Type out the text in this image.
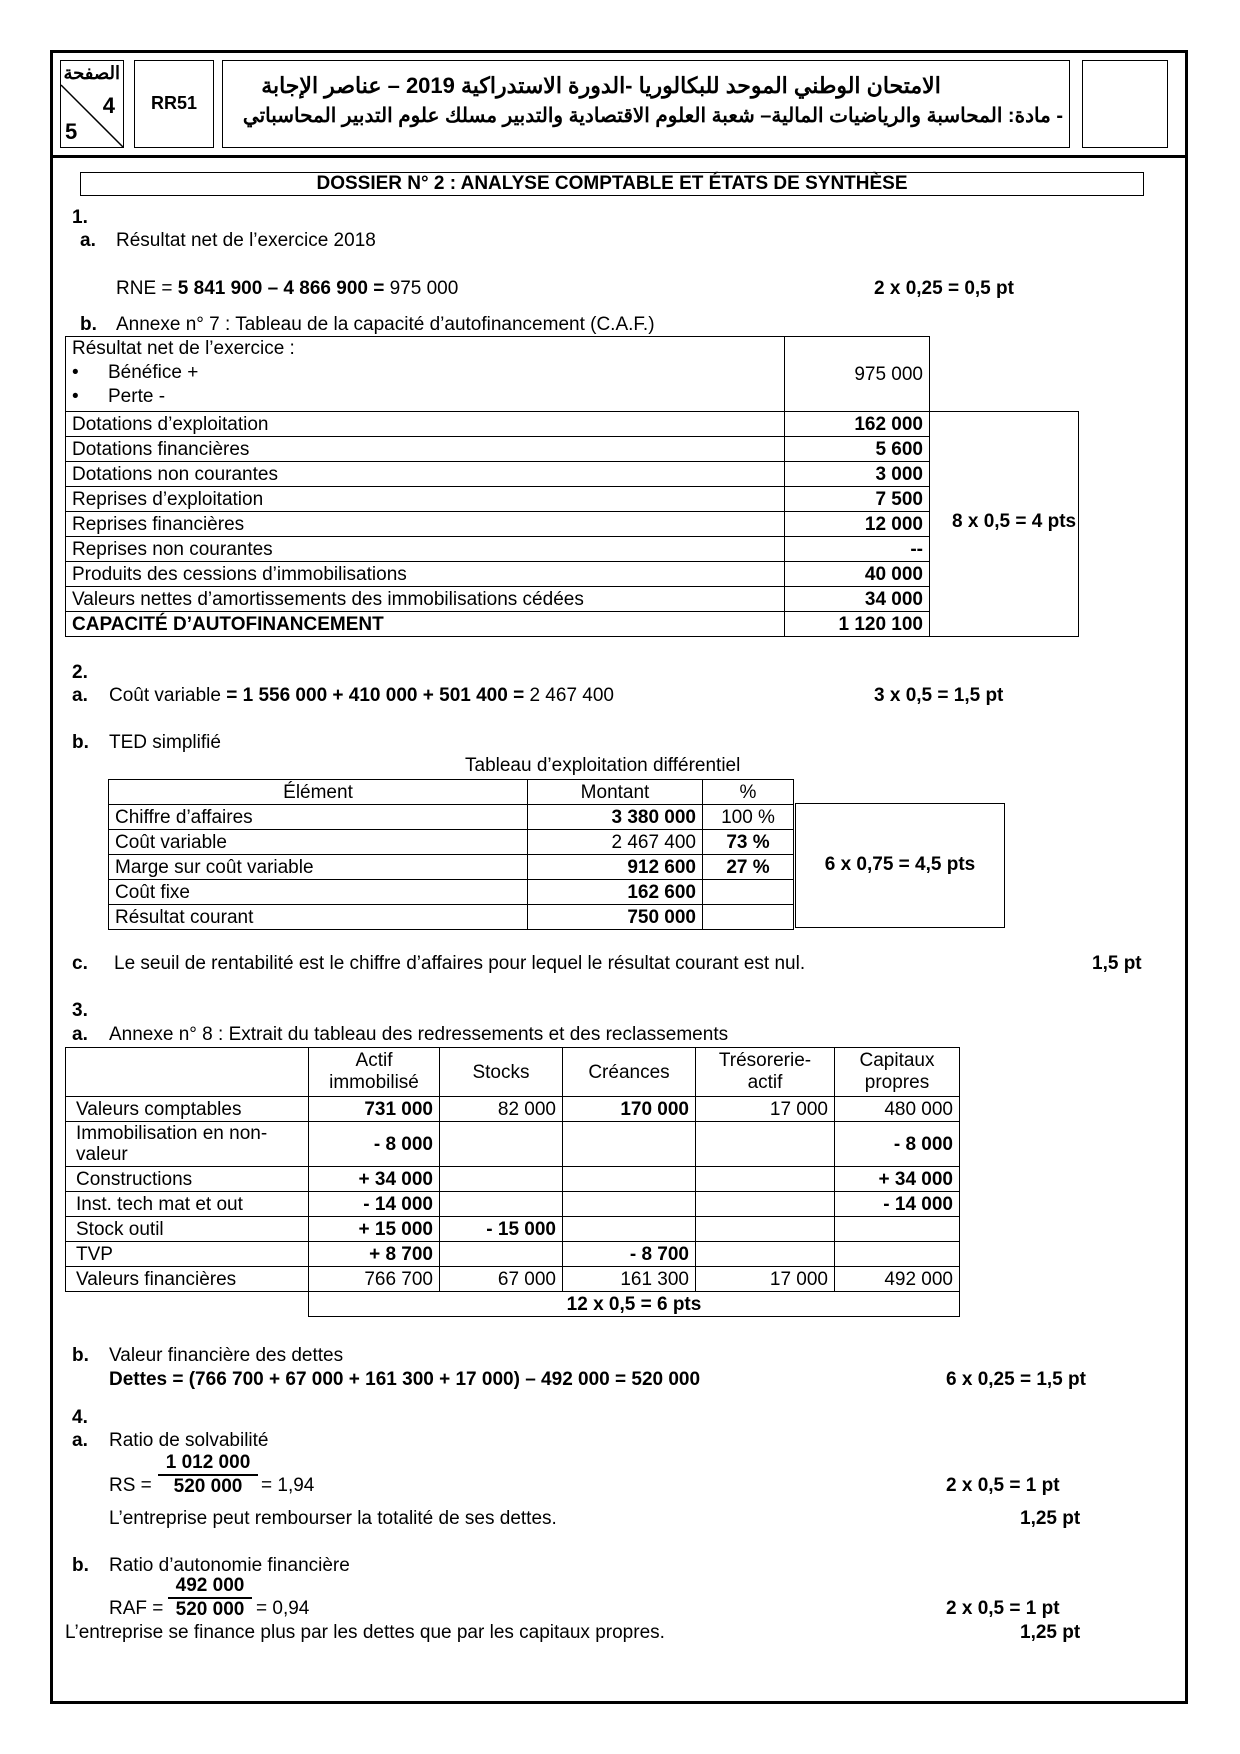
الصفحة
4
5
RR51
الامتحان الوطني الموحد للبكالوريا -الدورة الاستدراكية 2019 – عناصر الإجابة
- مادة: المحاسبة والرياضيات المالية– شعبة العلوم الاقتصادية والتدبير مسلك علوم التدبير المحاسباتي
DOSSIER N° 2 : ANALYSE COMPTABLE ET ÉTATS DE SYNTHÈSE
1.
a. Résultat net de l’exercice 2018
RNE = 5 841 900 – 4 866 900 = 975 000	2 x 0,25 = 0,5 pt
b. Annexe n° 7 : Tableau de la capacité d’autofinancement (C.A.F.)
Résultat net de l’exercice :
• Bénéfice +
• Perte -
	975 000
Dotations d’exploitation	162 000	
Dotations financières	5 600	
Dotations non courantes	3 000	
Reprises d’exploitation	7 500	
Reprises financières	12 000	
Reprises non courantes	--	
Produits des cessions d’immobilisations	40 000	
Valeurs nettes d’amortissements des immobilisations cédées	34 000	
CAPACITÉ D’AUTOFINANCEMENT	1 120 100	
8 x 0,5 = 4 pts
2.
a. Coût variable = 1 556 000 + 410 000 + 501 400 = 2 467 400	3 x 0,5 = 1,5 pt
b. TED simplifié
Tableau d’exploitation différentiel
Élément	Montant	%
Chiffre d’affaires	3 380 000	100 %
Coût variable	2 467 400	73 %
Marge sur coût variable	912 600	27 %
Coût fixe	162 600	
Résultat courant	750 000	
6 x 0,75 = 4,5 pts
c. Le seuil de rentabilité est le chiffre d’affaires pour lequel le résultat courant est nul.	1,5 pt
3.
a. Annexe n° 8 : Extrait du tableau des redressements et des reclassements
	Actif immobilisé	Stocks	Créances	Trésorerie-actif	Capitaux propres
Valeurs comptables	731 000	82 000	170 000	17 000	480 000
Immobilisation en non-valeur	- 8 000				- 8 000
Constructions	+ 34 000				+ 34 000
Inst. tech mat et out	- 14 000				- 14 000
Stock outil	+ 15 000	- 15 000			
TVP	+ 8 700		- 8 700		
Valeurs financières	766 700	67 000	161 300	17 000	492 000
	12 x 0,5 = 6 pts				
b. Valeur financière des dettes
Dettes = (766 700 + 67 000 + 161 300 + 17 000) – 492 000 = 520 000	6 x 0,25 = 1,5 pt
4.
a. Ratio de solvabilité
RS = $\frac{1 012 000}{520 000} = 1,94$	2 x 0,5 = 1 pt
L’entreprise peut rembourser la totalité de ses dettes.	1,25 pt
b. Ratio d’autonomie financière
RAF = $\frac{492 000}{520 000} = 0,94$	2 x 0,5 = 1 pt
L’entreprise se finance plus par les dettes que par les capitaux propres.	1,25 pt
